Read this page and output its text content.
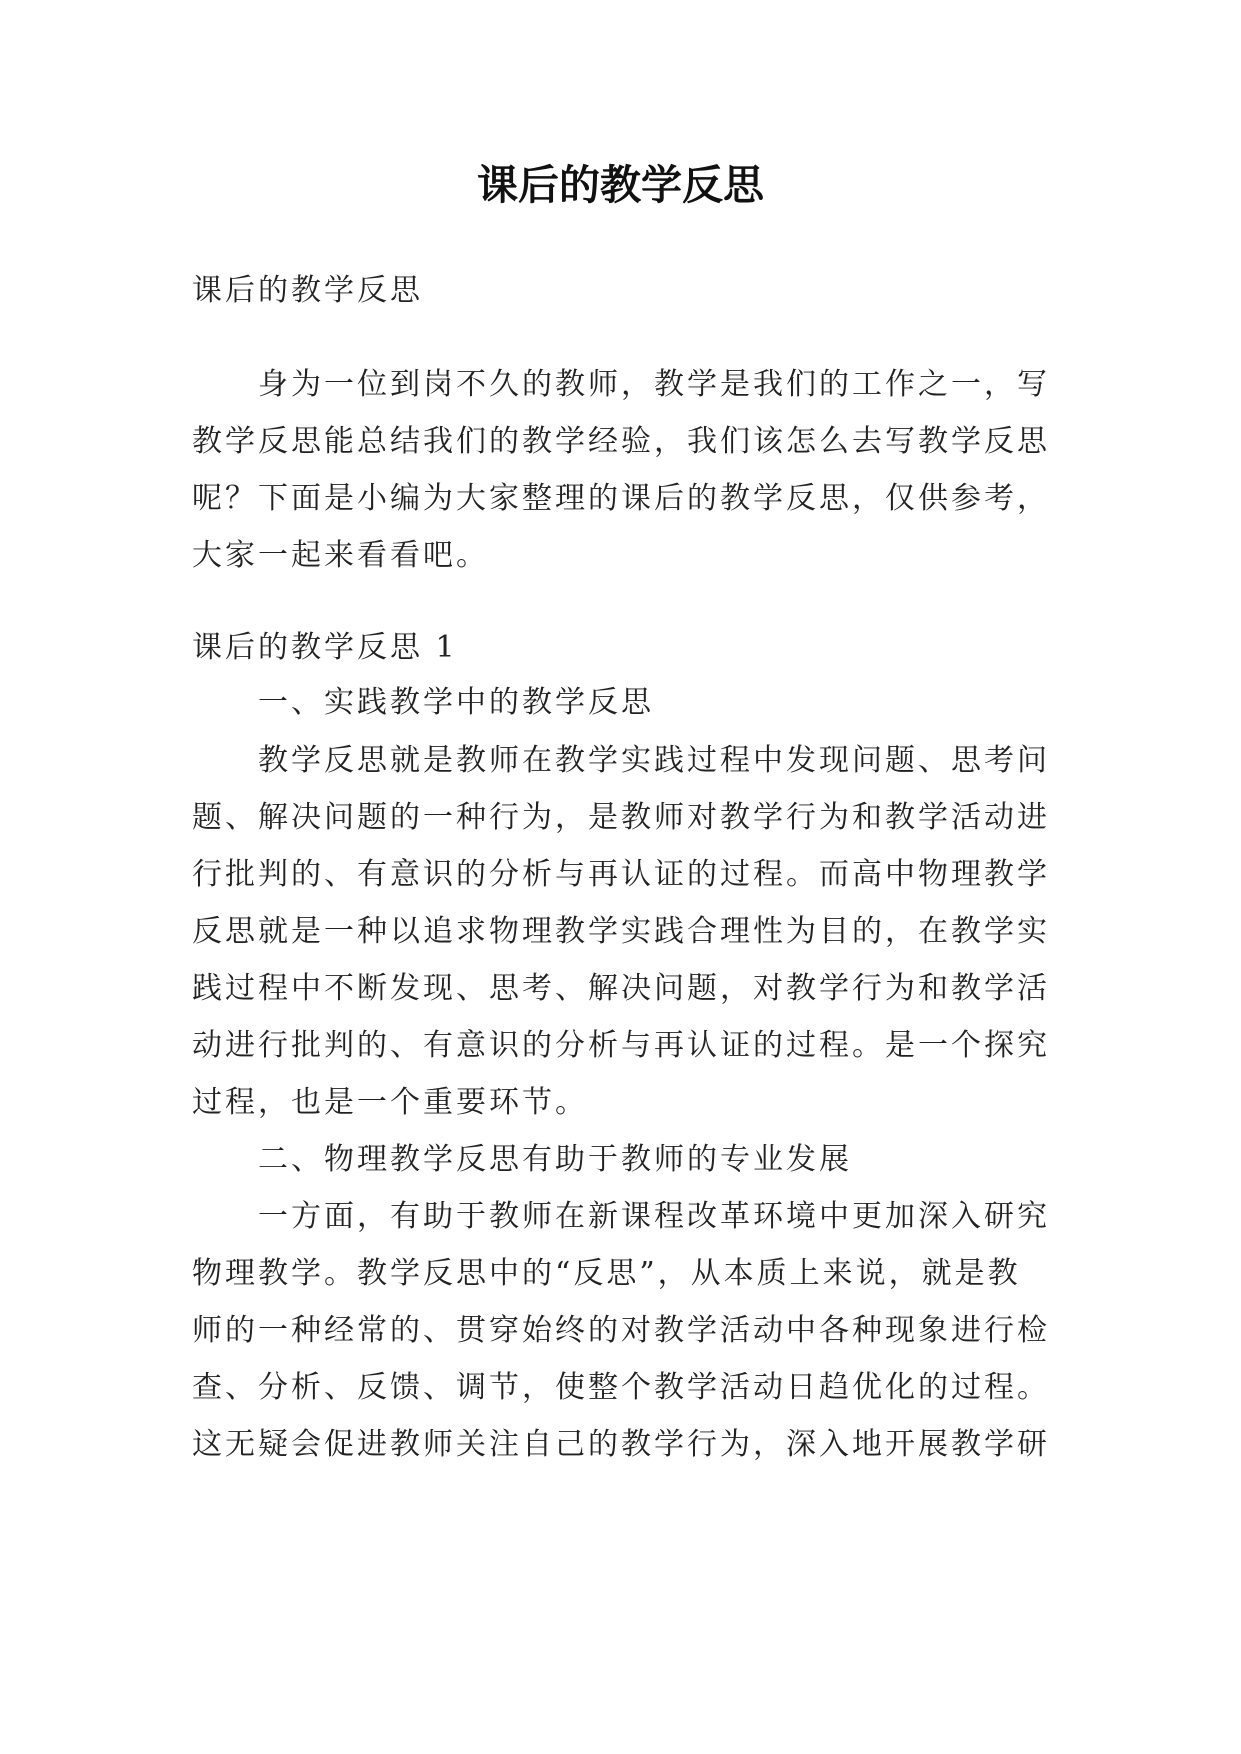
课后的教学反思
课后的教学反思
身为一位到岗不久的教师，教学是我们的工作之一，写
教学反思能总结我们的教学经验，我们该怎么去写教学反思
呢？下面是小编为大家整理的课后的教学反思，仅供参考，
大家一起来看看吧。
课后的教学反思 1
一、实践教学中的教学反思
教学反思就是教师在教学实践过程中发现问题、思考问
题、解决问题的一种行为，是教师对教学行为和教学活动进
行批判的、有意识的分析与再认证的过程。而高中物理教学
反思就是一种以追求物理教学实践合理性为目的，在教学实
践过程中不断发现、思考、解决问题，对教学行为和教学活
动进行批判的、有意识的分析与再认证的过程。是一个探究
过程，也是一个重要环节。
二、物理教学反思有助于教师的专业发展
一方面，有助于教师在新课程改革环境中更加深入研究
物理教学。教学反思中的“反思”，从本质上来说，就是教
师的一种经常的、贯穿始终的对教学活动中各种现象进行检
查、分析、反馈、调节，使整个教学活动日趋优化的过程。
这无疑会促进教师关注自己的教学行为，深入地开展教学研
